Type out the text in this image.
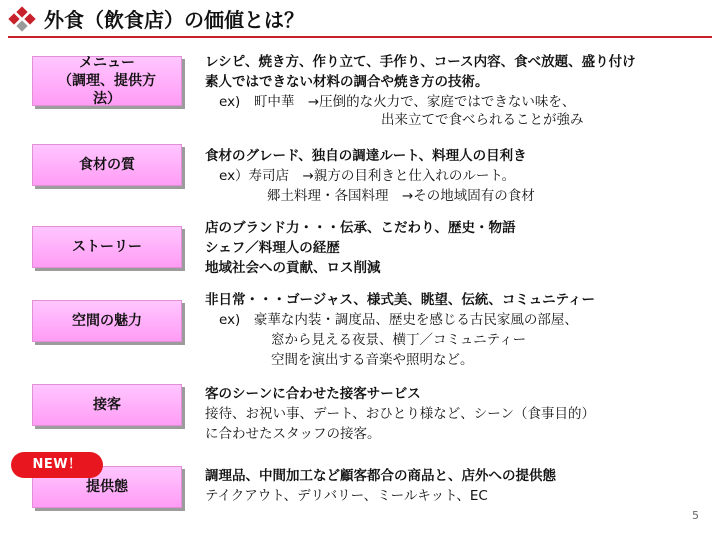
外食（飲食店）の価値とは？
メニュー
（調理、提供方
法）
レシピ、焼き方、作り立て、手作り、コース内容、食べ放題、盛り付け
素人ではできない材料の調合や焼き方の技術。
ex)　町中華　→圧倒的な火力で、家庭ではできない味を、
出来立てで食べられることが強み
食材の質
食材のグレード、独自の調達ルート、料理人の目利き
ex）寿司店　→親方の目利きと仕入れのルート。
郷土料理・各国料理　→その地域固有の食材
ストーリー
店のブランド力・・・伝承、こだわり、歴史・物語
シェフ／料理人の経歴
地域社会への貢献、ロス削減
空間の魅力
非日常・・・ゴージャス、様式美、眺望、伝統、コミュニティー
ex)　豪華な内装・調度品、歴史を感じる古民家風の部屋、
窓から見える夜景、横丁／コミュニティー
空間を演出する音楽や照明など。
接客
客のシーンに合わせた接客サービス
接待、お祝い事、デート、おひとり様など、シーン（食事目的）
に合わせたスタッフの接客。
提供態
調理品、中間加工など顧客都合の商品と、店外への提供態
テイクアウト、デリバリー、ミールキット、EC
NEW！
5
